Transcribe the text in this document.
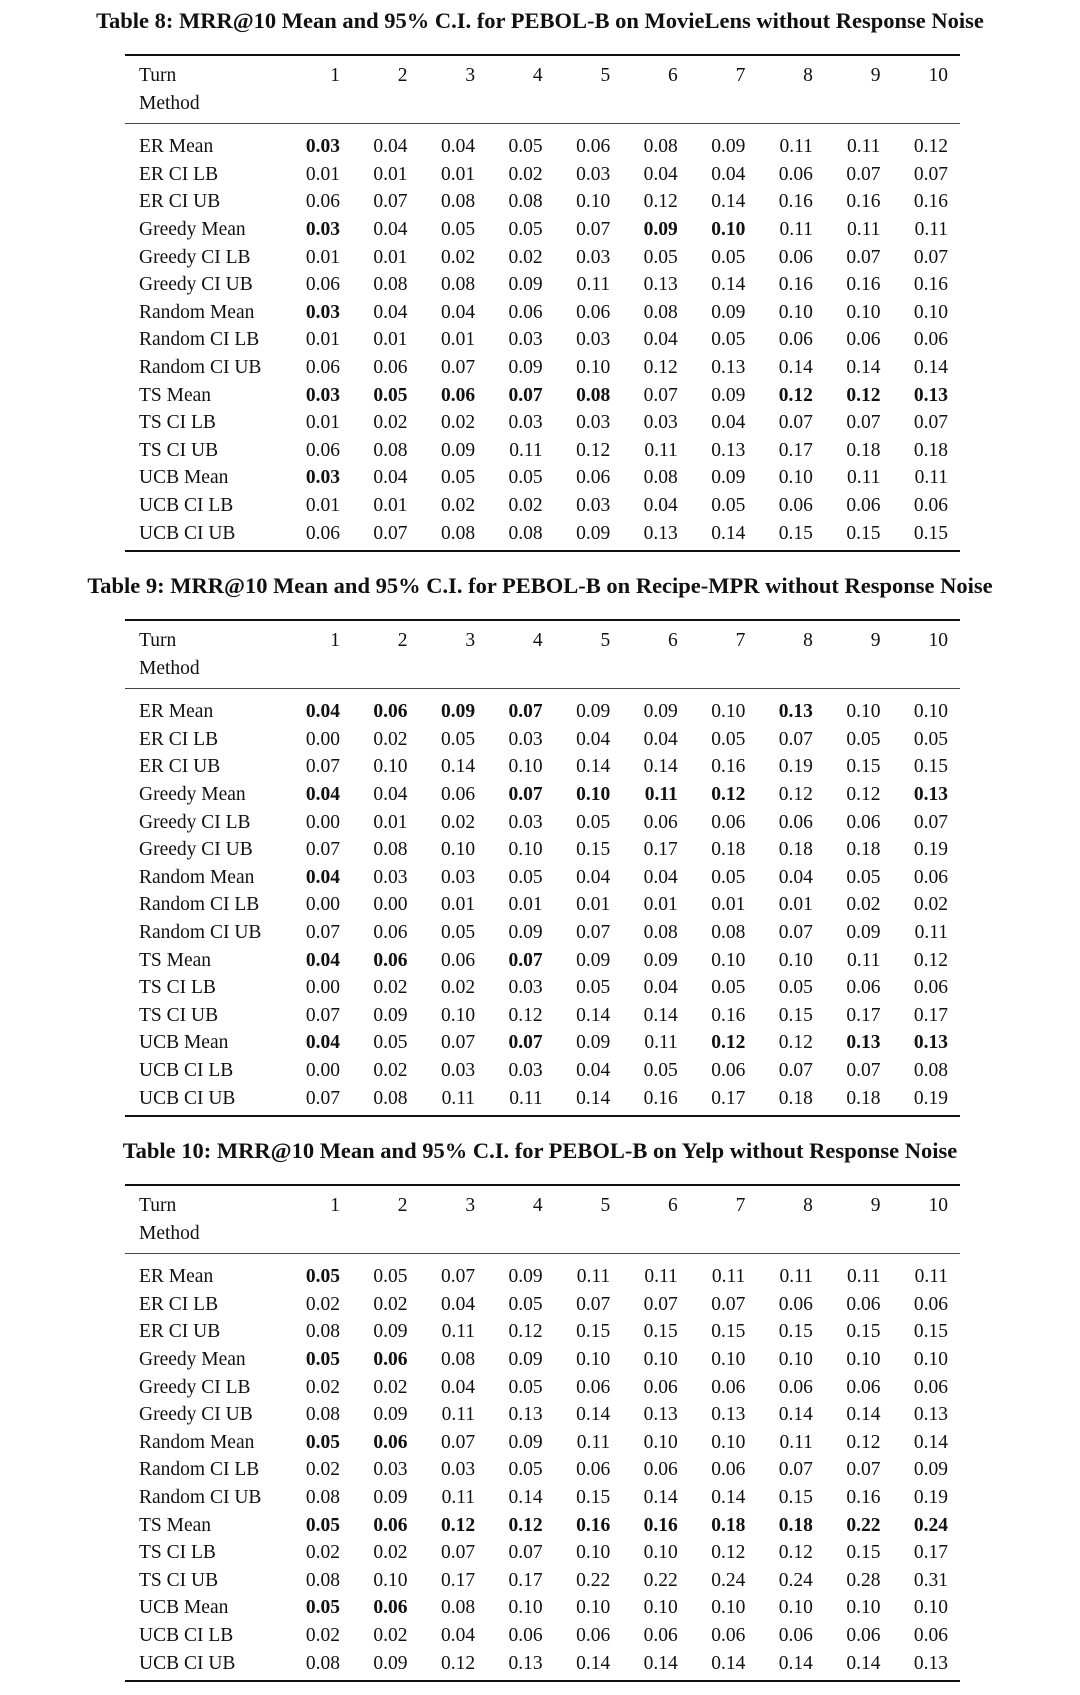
Table 8: MRR@10 Mean and 95% C.I. for PEBOL-B on MovieLens without Response Noise
Turn	1	2	3	4	5	6	7	8	9	10
Method										
ER Mean	0.03	0.04	0.04	0.05	0.06	0.08	0.09	0.11	0.11	0.12
ER CI LB	0.01	0.01	0.01	0.02	0.03	0.04	0.04	0.06	0.07	0.07
ER CI UB	0.06	0.07	0.08	0.08	0.10	0.12	0.14	0.16	0.16	0.16
Greedy Mean	0.03	0.04	0.05	0.05	0.07	0.09	0.10	0.11	0.11	0.11
Greedy CI LB	0.01	0.01	0.02	0.02	0.03	0.05	0.05	0.06	0.07	0.07
Greedy CI UB	0.06	0.08	0.08	0.09	0.11	0.13	0.14	0.16	0.16	0.16
Random Mean	0.03	0.04	0.04	0.06	0.06	0.08	0.09	0.10	0.10	0.10
Random CI LB	0.01	0.01	0.01	0.03	0.03	0.04	0.05	0.06	0.06	0.06
Random CI UB	0.06	0.06	0.07	0.09	0.10	0.12	0.13	0.14	0.14	0.14
TS Mean	0.03	0.05	0.06	0.07	0.08	0.07	0.09	0.12	0.12	0.13
TS CI LB	0.01	0.02	0.02	0.03	0.03	0.03	0.04	0.07	0.07	0.07
TS CI UB	0.06	0.08	0.09	0.11	0.12	0.11	0.13	0.17	0.18	0.18
UCB Mean	0.03	0.04	0.05	0.05	0.06	0.08	0.09	0.10	0.11	0.11
UCB CI LB	0.01	0.01	0.02	0.02	0.03	0.04	0.05	0.06	0.06	0.06
UCB CI UB	0.06	0.07	0.08	0.08	0.09	0.13	0.14	0.15	0.15	0.15
Table 9: MRR@10 Mean and 95% C.I. for PEBOL-B on Recipe-MPR without Response Noise
Turn	1	2	3	4	5	6	7	8	9	10
Method										
ER Mean	0.04	0.06	0.09	0.07	0.09	0.09	0.10	0.13	0.10	0.10
ER CI LB	0.00	0.02	0.05	0.03	0.04	0.04	0.05	0.07	0.05	0.05
ER CI UB	0.07	0.10	0.14	0.10	0.14	0.14	0.16	0.19	0.15	0.15
Greedy Mean	0.04	0.04	0.06	0.07	0.10	0.11	0.12	0.12	0.12	0.13
Greedy CI LB	0.00	0.01	0.02	0.03	0.05	0.06	0.06	0.06	0.06	0.07
Greedy CI UB	0.07	0.08	0.10	0.10	0.15	0.17	0.18	0.18	0.18	0.19
Random Mean	0.04	0.03	0.03	0.05	0.04	0.04	0.05	0.04	0.05	0.06
Random CI LB	0.00	0.00	0.01	0.01	0.01	0.01	0.01	0.01	0.02	0.02
Random CI UB	0.07	0.06	0.05	0.09	0.07	0.08	0.08	0.07	0.09	0.11
TS Mean	0.04	0.06	0.06	0.07	0.09	0.09	0.10	0.10	0.11	0.12
TS CI LB	0.00	0.02	0.02	0.03	0.05	0.04	0.05	0.05	0.06	0.06
TS CI UB	0.07	0.09	0.10	0.12	0.14	0.14	0.16	0.15	0.17	0.17
UCB Mean	0.04	0.05	0.07	0.07	0.09	0.11	0.12	0.12	0.13	0.13
UCB CI LB	0.00	0.02	0.03	0.03	0.04	0.05	0.06	0.07	0.07	0.08
UCB CI UB	0.07	0.08	0.11	0.11	0.14	0.16	0.17	0.18	0.18	0.19
Table 10: MRR@10 Mean and 95% C.I. for PEBOL-B on Yelp without Response Noise
Turn	1	2	3	4	5	6	7	8	9	10
Method										
ER Mean	0.05	0.05	0.07	0.09	0.11	0.11	0.11	0.11	0.11	0.11
ER CI LB	0.02	0.02	0.04	0.05	0.07	0.07	0.07	0.06	0.06	0.06
ER CI UB	0.08	0.09	0.11	0.12	0.15	0.15	0.15	0.15	0.15	0.15
Greedy Mean	0.05	0.06	0.08	0.09	0.10	0.10	0.10	0.10	0.10	0.10
Greedy CI LB	0.02	0.02	0.04	0.05	0.06	0.06	0.06	0.06	0.06	0.06
Greedy CI UB	0.08	0.09	0.11	0.13	0.14	0.13	0.13	0.14	0.14	0.13
Random Mean	0.05	0.06	0.07	0.09	0.11	0.10	0.10	0.11	0.12	0.14
Random CI LB	0.02	0.03	0.03	0.05	0.06	0.06	0.06	0.07	0.07	0.09
Random CI UB	0.08	0.09	0.11	0.14	0.15	0.14	0.14	0.15	0.16	0.19
TS Mean	0.05	0.06	0.12	0.12	0.16	0.16	0.18	0.18	0.22	0.24
TS CI LB	0.02	0.02	0.07	0.07	0.10	0.10	0.12	0.12	0.15	0.17
TS CI UB	0.08	0.10	0.17	0.17	0.22	0.22	0.24	0.24	0.28	0.31
UCB Mean	0.05	0.06	0.08	0.10	0.10	0.10	0.10	0.10	0.10	0.10
UCB CI LB	0.02	0.02	0.04	0.06	0.06	0.06	0.06	0.06	0.06	0.06
UCB CI UB	0.08	0.09	0.12	0.13	0.14	0.14	0.14	0.14	0.14	0.13
